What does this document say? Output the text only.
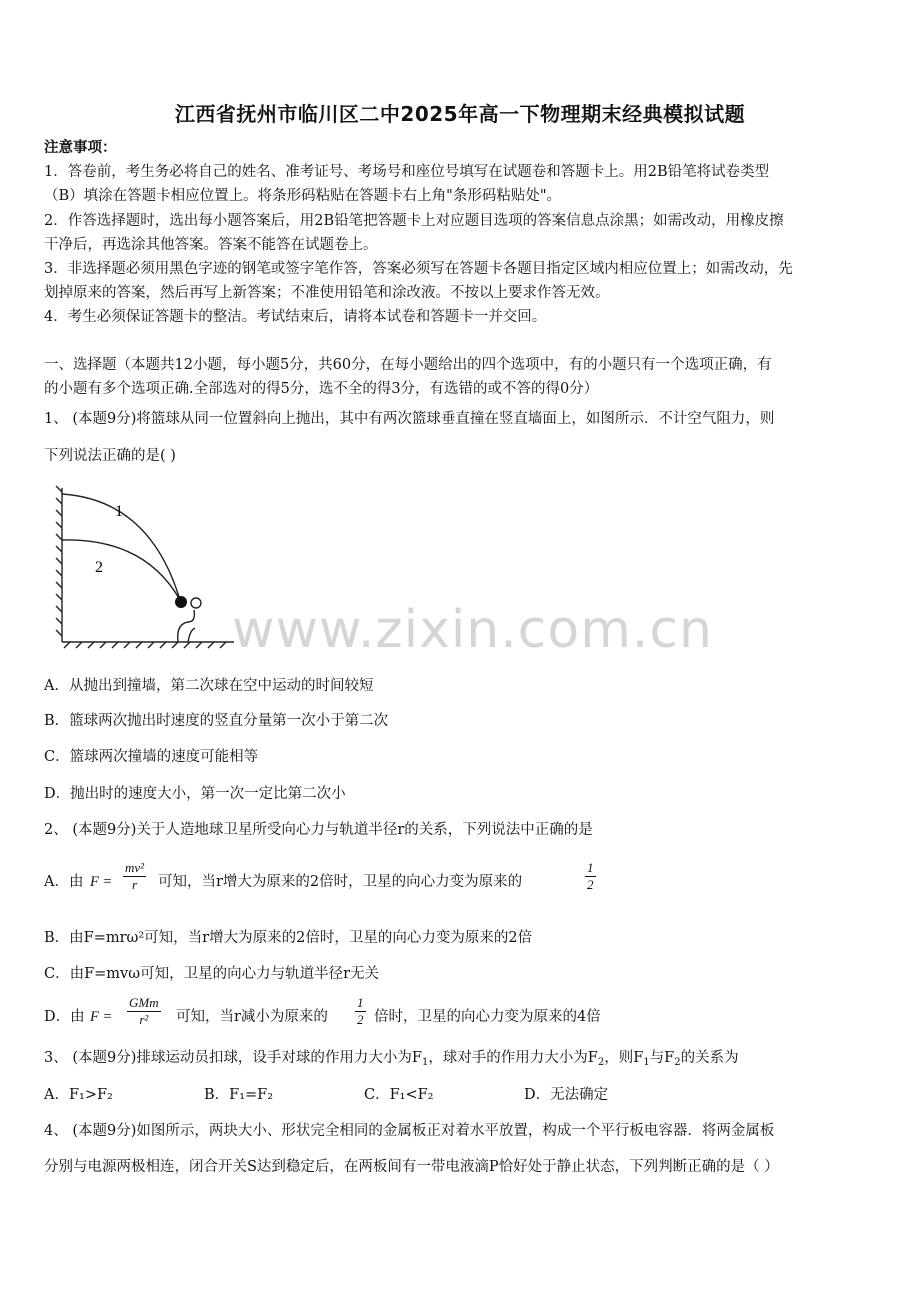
江西省抚州市临川区二中2025年高一下物理期末经典模拟试题
注意事项：
1．答卷前，考生务必将自己的姓名、准考证号、考场号和座位号填写在试题卷和答题卡上。用2B铅笔将试卷类型
（B）填涂在答题卡相应位置上。将条形码粘贴在答题卡右上角"条形码粘贴处"。
2．作答选择题时，选出每小题答案后，用2B铅笔把答题卡上对应题目选项的答案信息点涂黑；如需改动，用橡皮擦
干净后，再选涂其他答案。答案不能答在试题卷上。
3．非选择题必须用黑色字迹的钢笔或签字笔作答，答案必须写在答题卡各题目指定区域内相应位置上；如需改动，先
划掉原来的答案，然后再写上新答案；不准使用铅笔和涂改液。不按以上要求作答无效。
4．考生必须保证答题卡的整洁。考试结束后，请将本试卷和答题卡一并交回。
一、选择题（本题共12小题，每小题5分，共60分，在每小题给出的四个选项中，有的小题只有一个选项正确，有
的小题有多个选项正确.全部选对的得5分，选不全的得3分，有选错的或不答的得0分）
1、 (本题9分)将篮球从同一位置斜向上抛出，其中有两次篮球垂直撞在竖直墙面上，如图所示．不计空气阻力，则
下列说法正确的是( )
1
2
www.zixin.com.cn
A．从抛出到撞墙，第二次球在空中运动的时间较短
B．篮球两次抛出时速度的竖直分量第一次小于第二次
C．篮球两次撞墙的速度可能相等
D．抛出时的速度大小，第一次一定比第二次小
2、 (本题9分)关于人造地球卫星所受向心力与轨道半径r的关系，下列说法中正确的是
A．由 $F = \frac{\text{mv²}}{r}$ 可知，当r增大为原来的2倍时，卫星的向心力变为原来的	$\frac{1}{2}$
B．由F=mrω²可知，当r增大为原来的2倍时，卫星的向心力变为原来的2倍
C．由F=mvω可知，卫星的向心力与轨道半径r无关
D．由 F =
GMm
r²	可知，当r减小为原来的 $\frac{1}{2}$ 倍时，卫星的向心力变为原来的4倍
3、 (本题9分)排球运动员扣球，设手对球的作用力大小为$F_1$，球对手的作用力大小为$F_2$，则$F_1$与$F_2$的关系为
A．F₁>F₂	B．F₁=F₂	C．F₁<F₂	D．无法确定
4、 (本题9分)如图所示，两块大小、形状完全相同的金属板正对着水平放置，构成一个平行板电容器．将两金属板
分别与电源两极相连，闭合开关S达到稳定后，在两板间有一带电液滴P恰好处于静止状态，下列判断正确的是（ ）
